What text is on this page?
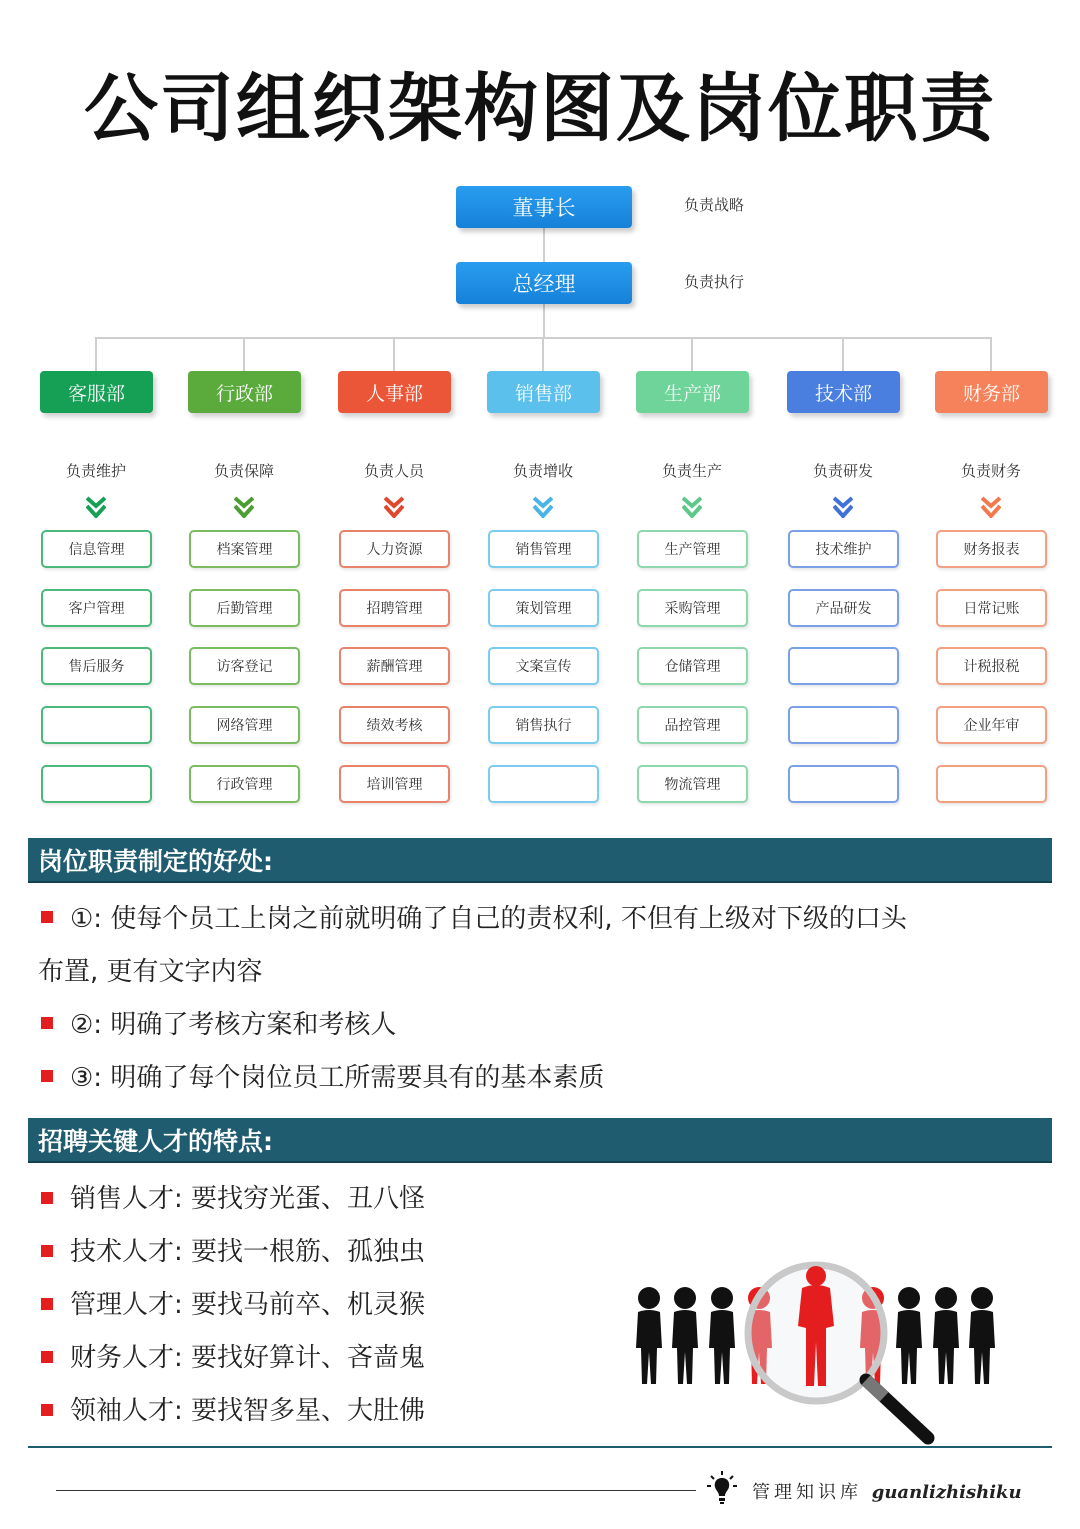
公司组织架构图及岗位职责
董事长	负责战略
总经理	负责执行
客服部
负责维护
信息管理
客户管理
售后服务
行政部
负责保障
档案管理
后勤管理
访客登记
网络管理
行政管理
人事部
负责人员
人力资源
招聘管理
薪酬管理
绩效考核
培训管理
销售部
负责增收
销售管理
策划管理
文案宣传
销售执行
生产部
负责生产
生产管理
采购管理
仓储管理
品控管理
物流管理
技术部
负责研发
技术维护
产品研发
财务部
负责财务
财务报表
日常记账
计税报税
企业年审
岗位职责制定的好处:
①: 使每个员工上岗之前就明确了自己的责权利, 不但有上级对下级的口头
布置, 更有文字内容
②: 明确了考核方案和考核人
③: 明确了每个岗位员工所需要具有的基本素质
招聘关键人才的特点:
销售人才: 要找穷光蛋、丑八怪
技术人才: 要找一根筋、孤独虫
管理人才: 要找马前卒、机灵猴
财务人才: 要找好算计、吝啬鬼
领袖人才: 要找智多星、大肚佛
管理知识库 guanlizhishiku
